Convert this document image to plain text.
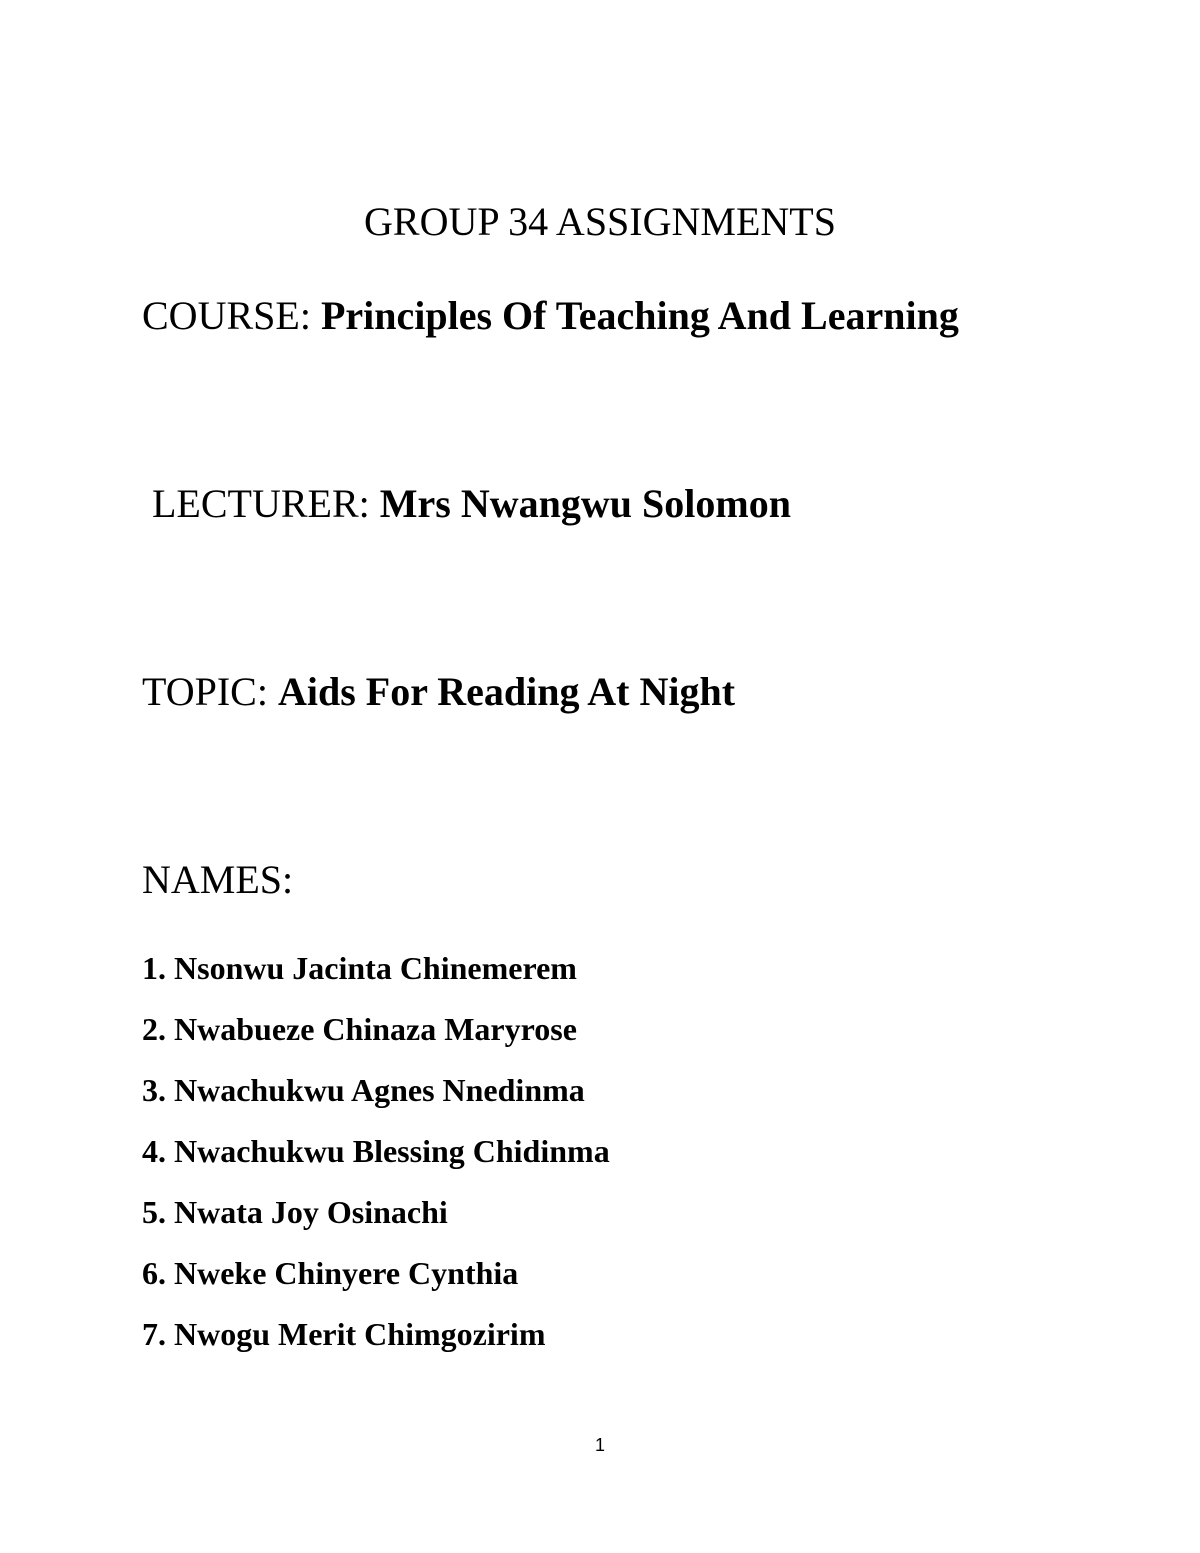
GROUP 34 ASSIGNMENTS

COURSE: Principles Of Teaching And Learning

LECTURER: Mrs Nwangwu Solomon

TOPIC: Aids For Reading At Night

NAMES:

1. Nsonwu Jacinta Chinemerem
2. Nwabueze Chinaza Maryrose
3. Nwachukwu Agnes Nnedinma
4. Nwachukwu Blessing Chidinma
5. Nwata Joy Osinachi
6. Nweke Chinyere Cynthia
7. Nwogu Merit Chimgozirim

1
